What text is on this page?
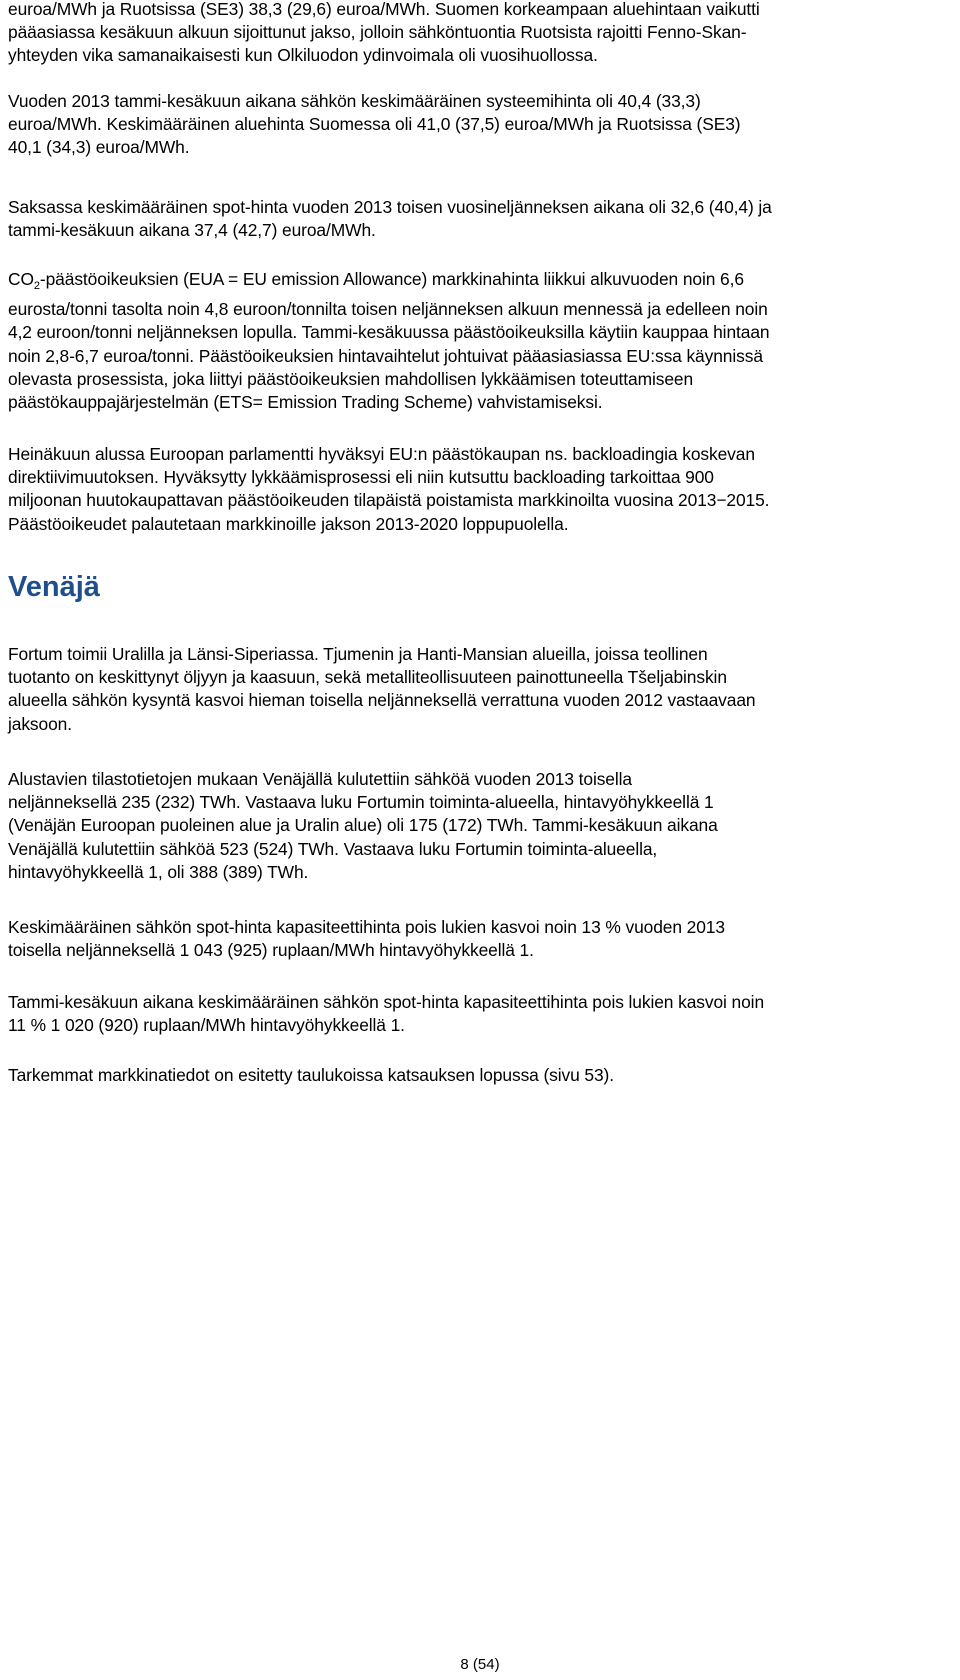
euroa/MWh ja Ruotsissa (SE3) 38,3 (29,6) euroa/MWh. Suomen korkeampaan aluehintaan vaikutti
pääasiassa kesäkuun alkuun sijoittunut jakso, jolloin sähköntuontia Ruotsista rajoitti Fenno-Skan-
yhteyden vika samanaikaisesti kun Olkiluodon ydinvoimala oli vuosihuollossa.

Vuoden 2013 tammi-kesäkuun aikana sähkön keskimääräinen systeemihinta oli 40,4 (33,3)
euroa/MWh. Keskimääräinen aluehinta Suomessa oli 41,0 (37,5) euroa/MWh ja Ruotsissa (SE3)
40,1 (34,3) euroa/MWh.

Saksassa keskimääräinen spot-hinta vuoden 2013 toisen vuosineljänneksen aikana oli 32,6 (40,4) ja
tammi-kesäkuun aikana 37,4 (42,7) euroa/MWh.

$CO_2$-päästöoikeuksien (EUA = EU emission Allowance) markkinahinta liikkui alkuvuoden noin 6,6
eurosta/tonni tasolta noin 4,8 euroon/tonnilta toisen neljänneksen alkuun mennessä ja edelleen noin
4,2 euroon/tonni neljänneksen lopulla. Tammi-kesäkuussa päästöoikeuksilla käytiin kauppaa hintaan
noin 2,8-6,7 euroa/tonni. Päästöoikeuksien hintavaihtelut johtuivat pääasiasiassa EU:ssa käynnissä
olevasta prosessista, joka liittyi päästöoikeuksien mahdollisen lykkäämisen toteuttamiseen
päästökauppajärjestelmän (ETS= Emission Trading Scheme) vahvistamiseksi.

Heinäkuun alussa Euroopan parlamentti hyväksyi EU:n päästökaupan ns. backloadingia koskevan
direktiivimuutoksen. Hyväksytty lykkäämisprosessi eli niin kutsuttu backloading tarkoittaa 900
miljoonan huutokaupattavan päästöoikeuden tilapäistä poistamista markkinoilta vuosina 2013−2015.
Päästöoikeudet palautetaan markkinoille jakson 2013-2020 loppupuolella.

Venäjä

Fortum toimii Uralilla ja Länsi-Siperiassa. Tjumenin ja Hanti-Mansian alueilla, joissa teollinen
tuotanto on keskittynyt öljyyn ja kaasuun, sekä metalliteollisuuteen painottuneella Tšeljabinskin
alueella sähkön kysyntä kasvoi hieman toisella neljänneksellä verrattuna vuoden 2012 vastaavaan
jaksoon.

Alustavien tilastotietojen mukaan Venäjällä kulutettiin sähköä vuoden 2013 toisella
neljänneksellä 235 (232) TWh. Vastaava luku Fortumin toiminta-alueella, hintavyöhykkeellä 1
(Venäjän Euroopan puoleinen alue ja Uralin alue) oli 175 (172) TWh. Tammi-kesäkuun aikana
Venäjällä kulutettiin sähköä 523 (524) TWh. Vastaava luku Fortumin toiminta-alueella,
hintavyöhykkeellä 1, oli 388 (389) TWh.

Keskimääräinen sähkön spot-hinta kapasiteettihinta pois lukien kasvoi noin 13 % vuoden 2013
toisella neljänneksellä 1 043 (925) ruplaan/MWh hintavyöhykkeellä 1.

Tammi-kesäkuun aikana keskimääräinen sähkön spot-hinta kapasiteettihinta pois lukien kasvoi noin
11 % 1 020 (920) ruplaan/MWh hintavyöhykkeellä 1.

Tarkemmat markkinatiedot on esitetty taulukoissa katsauksen lopussa (sivu 53).

8 (54)
